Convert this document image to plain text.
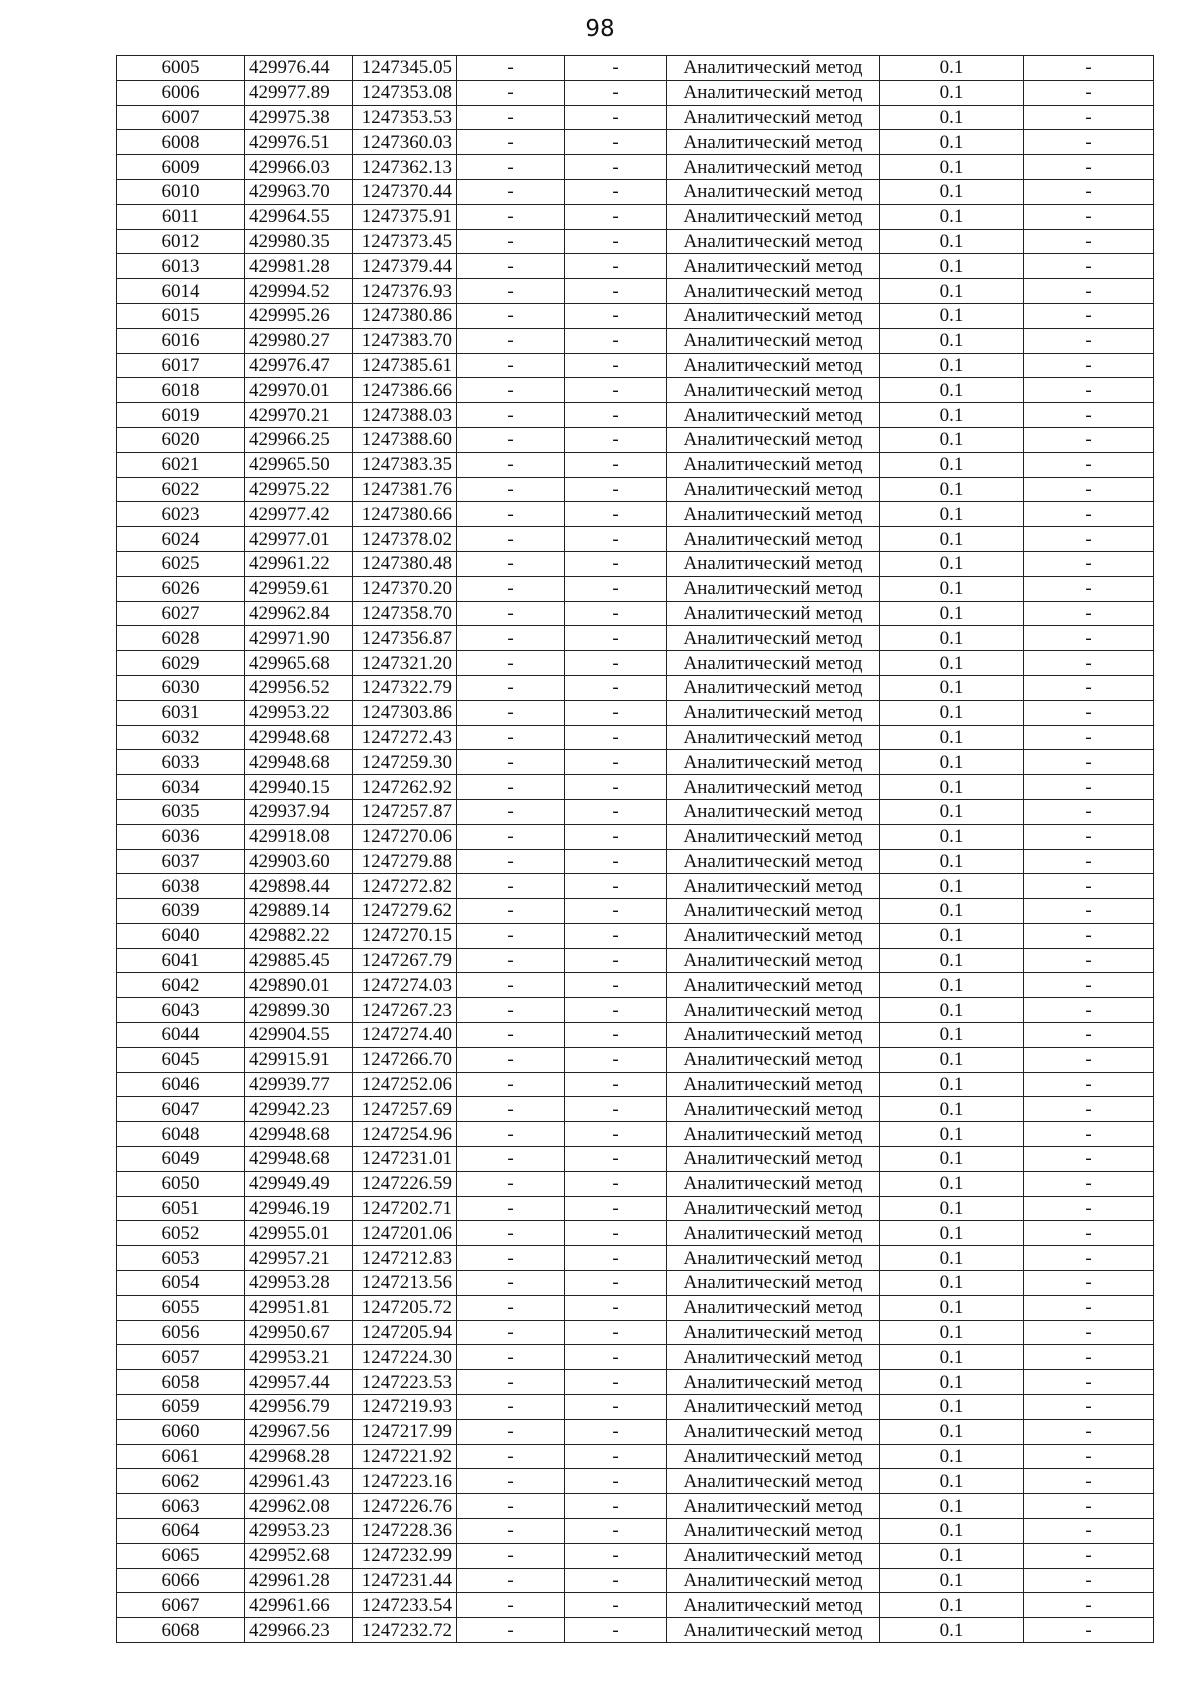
98
6005	429976.44	1247345.05	-	-	Аналитический метод	0.1	-
6006	429977.89	1247353.08	-	-	Аналитический метод	0.1	-
6007	429975.38	1247353.53	-	-	Аналитический метод	0.1	-
6008	429976.51	1247360.03	-	-	Аналитический метод	0.1	-
6009	429966.03	1247362.13	-	-	Аналитический метод	0.1	-
6010	429963.70	1247370.44	-	-	Аналитический метод	0.1	-
6011	429964.55	1247375.91	-	-	Аналитический метод	0.1	-
6012	429980.35	1247373.45	-	-	Аналитический метод	0.1	-
6013	429981.28	1247379.44	-	-	Аналитический метод	0.1	-
6014	429994.52	1247376.93	-	-	Аналитический метод	0.1	-
6015	429995.26	1247380.86	-	-	Аналитический метод	0.1	-
6016	429980.27	1247383.70	-	-	Аналитический метод	0.1	-
6017	429976.47	1247385.61	-	-	Аналитический метод	0.1	-
6018	429970.01	1247386.66	-	-	Аналитический метод	0.1	-
6019	429970.21	1247388.03	-	-	Аналитический метод	0.1	-
6020	429966.25	1247388.60	-	-	Аналитический метод	0.1	-
6021	429965.50	1247383.35	-	-	Аналитический метод	0.1	-
6022	429975.22	1247381.76	-	-	Аналитический метод	0.1	-
6023	429977.42	1247380.66	-	-	Аналитический метод	0.1	-
6024	429977.01	1247378.02	-	-	Аналитический метод	0.1	-
6025	429961.22	1247380.48	-	-	Аналитический метод	0.1	-
6026	429959.61	1247370.20	-	-	Аналитический метод	0.1	-
6027	429962.84	1247358.70	-	-	Аналитический метод	0.1	-
6028	429971.90	1247356.87	-	-	Аналитический метод	0.1	-
6029	429965.68	1247321.20	-	-	Аналитический метод	0.1	-
6030	429956.52	1247322.79	-	-	Аналитический метод	0.1	-
6031	429953.22	1247303.86	-	-	Аналитический метод	0.1	-
6032	429948.68	1247272.43	-	-	Аналитический метод	0.1	-
6033	429948.68	1247259.30	-	-	Аналитический метод	0.1	-
6034	429940.15	1247262.92	-	-	Аналитический метод	0.1	-
6035	429937.94	1247257.87	-	-	Аналитический метод	0.1	-
6036	429918.08	1247270.06	-	-	Аналитический метод	0.1	-
6037	429903.60	1247279.88	-	-	Аналитический метод	0.1	-
6038	429898.44	1247272.82	-	-	Аналитический метод	0.1	-
6039	429889.14	1247279.62	-	-	Аналитический метод	0.1	-
6040	429882.22	1247270.15	-	-	Аналитический метод	0.1	-
6041	429885.45	1247267.79	-	-	Аналитический метод	0.1	-
6042	429890.01	1247274.03	-	-	Аналитический метод	0.1	-
6043	429899.30	1247267.23	-	-	Аналитический метод	0.1	-
6044	429904.55	1247274.40	-	-	Аналитический метод	0.1	-
6045	429915.91	1247266.70	-	-	Аналитический метод	0.1	-
6046	429939.77	1247252.06	-	-	Аналитический метод	0.1	-
6047	429942.23	1247257.69	-	-	Аналитический метод	0.1	-
6048	429948.68	1247254.96	-	-	Аналитический метод	0.1	-
6049	429948.68	1247231.01	-	-	Аналитический метод	0.1	-
6050	429949.49	1247226.59	-	-	Аналитический метод	0.1	-
6051	429946.19	1247202.71	-	-	Аналитический метод	0.1	-
6052	429955.01	1247201.06	-	-	Аналитический метод	0.1	-
6053	429957.21	1247212.83	-	-	Аналитический метод	0.1	-
6054	429953.28	1247213.56	-	-	Аналитический метод	0.1	-
6055	429951.81	1247205.72	-	-	Аналитический метод	0.1	-
6056	429950.67	1247205.94	-	-	Аналитический метод	0.1	-
6057	429953.21	1247224.30	-	-	Аналитический метод	0.1	-
6058	429957.44	1247223.53	-	-	Аналитический метод	0.1	-
6059	429956.79	1247219.93	-	-	Аналитический метод	0.1	-
6060	429967.56	1247217.99	-	-	Аналитический метод	0.1	-
6061	429968.28	1247221.92	-	-	Аналитический метод	0.1	-
6062	429961.43	1247223.16	-	-	Аналитический метод	0.1	-
6063	429962.08	1247226.76	-	-	Аналитический метод	0.1	-
6064	429953.23	1247228.36	-	-	Аналитический метод	0.1	-
6065	429952.68	1247232.99	-	-	Аналитический метод	0.1	-
6066	429961.28	1247231.44	-	-	Аналитический метод	0.1	-
6067	429961.66	1247233.54	-	-	Аналитический метод	0.1	-
6068	429966.23	1247232.72	-	-	Аналитический метод	0.1	-
